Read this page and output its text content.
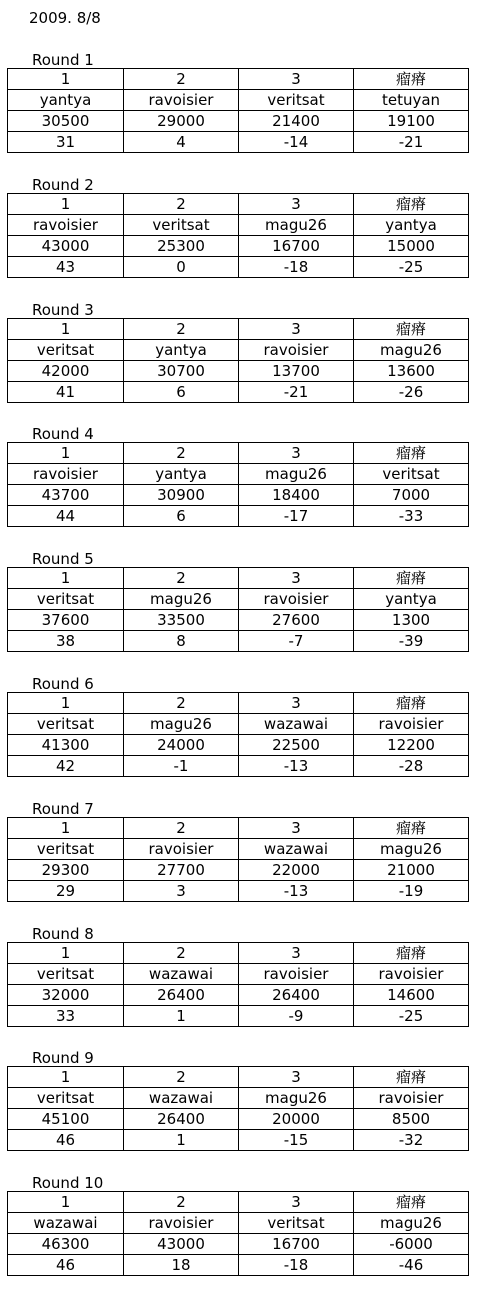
2009. 8/8
Round 1
1	2	3	瘤瘠
yantya	ravoisier	veritsat	tetuyan
30500	29000	21400	19100
31	4	-14	-21
Round 2
1	2	3	瘤瘠
ravoisier	veritsat	magu26	yantya
43000	25300	16700	15000
43	0	-18	-25
Round 3
1	2	3	瘤瘠
veritsat	yantya	ravoisier	magu26
42000	30700	13700	13600
41	6	-21	-26
Round 4
1	2	3	瘤瘠
ravoisier	yantya	magu26	veritsat
43700	30900	18400	7000
44	6	-17	-33
Round 5
1	2	3	瘤瘠
veritsat	magu26	ravoisier	yantya
37600	33500	27600	1300
38	8	-7	-39
Round 6
1	2	3	瘤瘠
veritsat	magu26	wazawai	ravoisier
41300	24000	22500	12200
42	-1	-13	-28
Round 7
1	2	3	瘤瘠
veritsat	ravoisier	wazawai	magu26
29300	27700	22000	21000
29	3	-13	-19
Round 8
1	2	3	瘤瘠
veritsat	wazawai	ravoisier	ravoisier
32000	26400	26400	14600
33	1	-9	-25
Round 9
1	2	3	瘤瘠
veritsat	wazawai	magu26	ravoisier
45100	26400	20000	8500
46	1	-15	-32
Round 10
1	2	3	瘤瘠
wazawai	ravoisier	veritsat	magu26
46300	43000	16700	-6000
46	18	-18	-46
